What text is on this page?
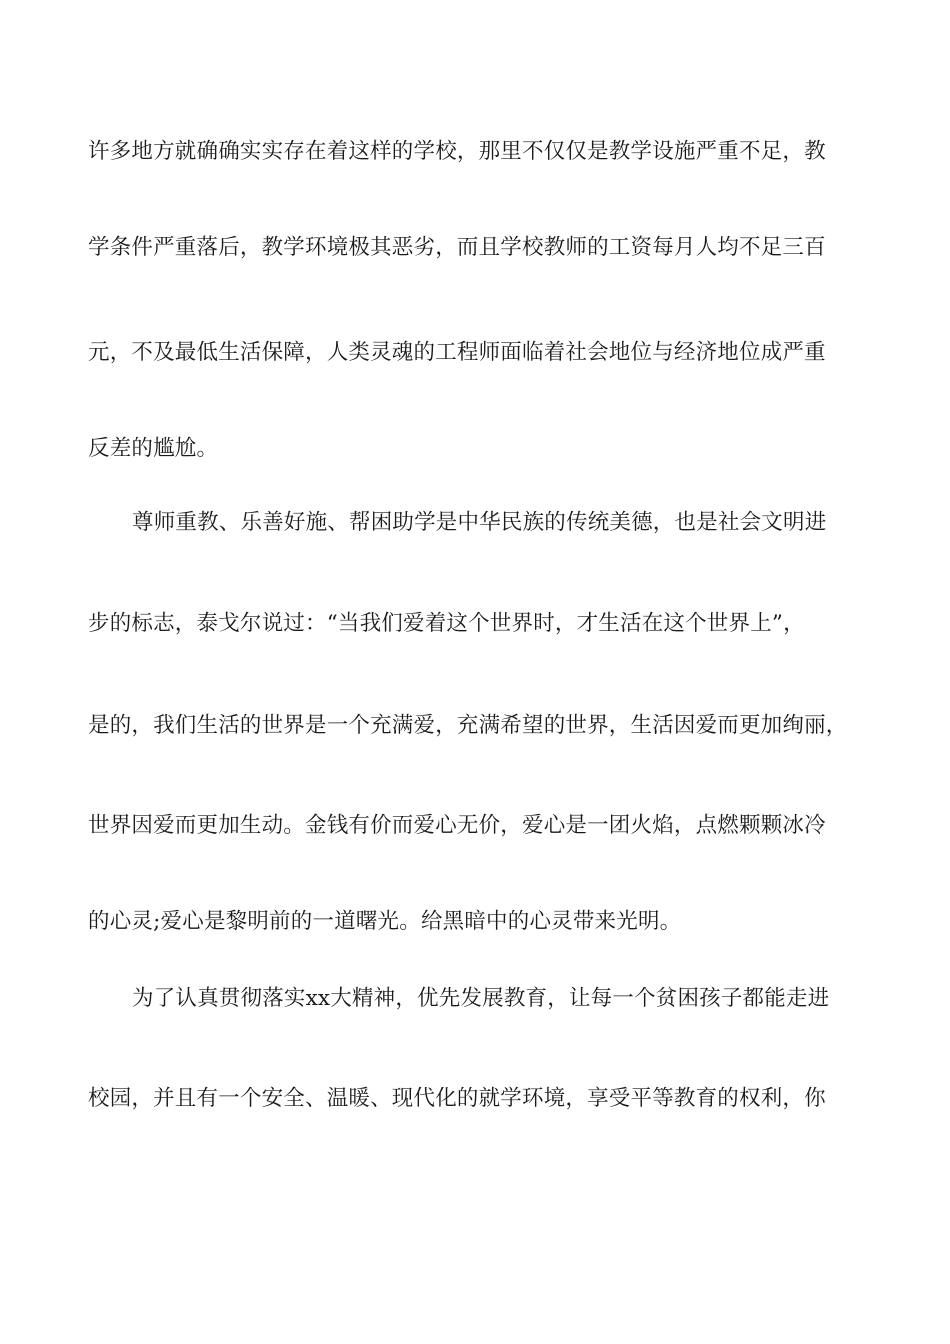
许多地方就确确实实存在着这样的学校，那里不仅仅是教学设施严重不足，教
学条件严重落后，教学环境极其恶劣，而且学校教师的工资每月人均不足三百
元，不及最低生活保障，人类灵魂的工程师面临着社会地位与经济地位成严重
反差的尴尬。
尊师重教、乐善好施、帮困助学是中华民族的传统美德，也是社会文明进
步的标志，泰戈尔说过：“当我们爱着这个世界时，才生活在这个世界上”，
是的，我们生活的世界是一个充满爱，充满希望的世界，生活因爱而更加绚丽，
世界因爱而更加生动。金钱有价而爱心无价，爱心是一团火焰，点燃颗颗冰冷
的心灵;爱心是黎明前的一道曙光。给黑暗中的心灵带来光明。
为了认真贯彻落实xx大精神，优先发展教育，让每一个贫困孩子都能走进
校园，并且有一个安全、温暖、现代化的就学环境，享受平等教育的权利，你
